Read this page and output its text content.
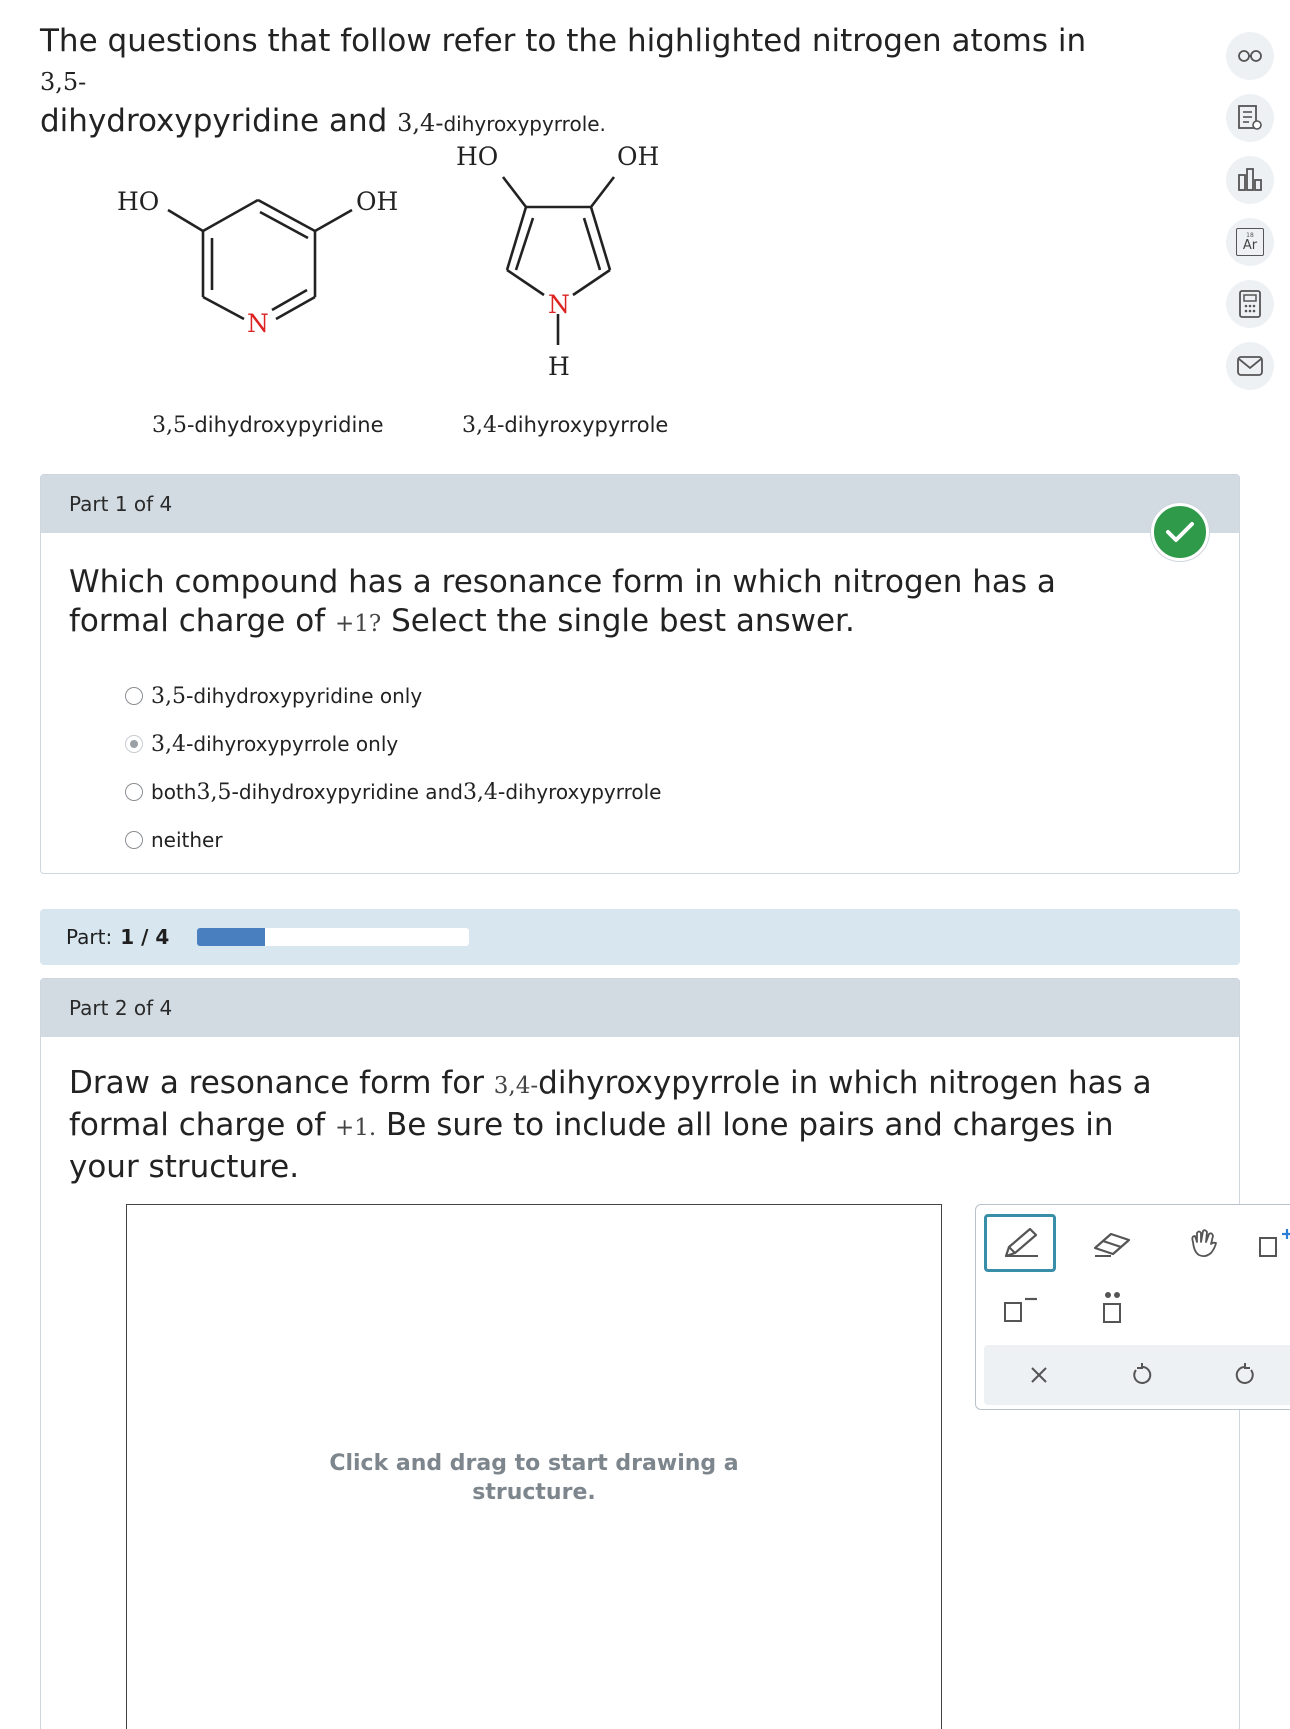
The questions that follow refer to the highlighted nitrogen atoms in 3,5-
dihydroxypyridine and 3,4-dihyroxypyrrole.
HO	OH
N
HO	OH
N
H
3,5-dihydroxypyridine	3,4-dihyroxypyrrole
18
Ar
Part 1 of 4
Which compound has a resonance form in which nitrogen has a formal charge of +1? Select the single best answer.
3,5- dihydroxypyridine only
3,4- dihyroxypyrrole only
both 3,5- dihydroxypyridine and 3,4- dihyroxypyrrole
neither
Part: 1 / 4
Part 2 of 4
Draw a resonance form for 3,4-dihyroxypyrrole in which nitrogen has a formal charge of +1. Be sure to include all lone pairs and charges in your structure.
Click and drag to start drawing a
structure.
